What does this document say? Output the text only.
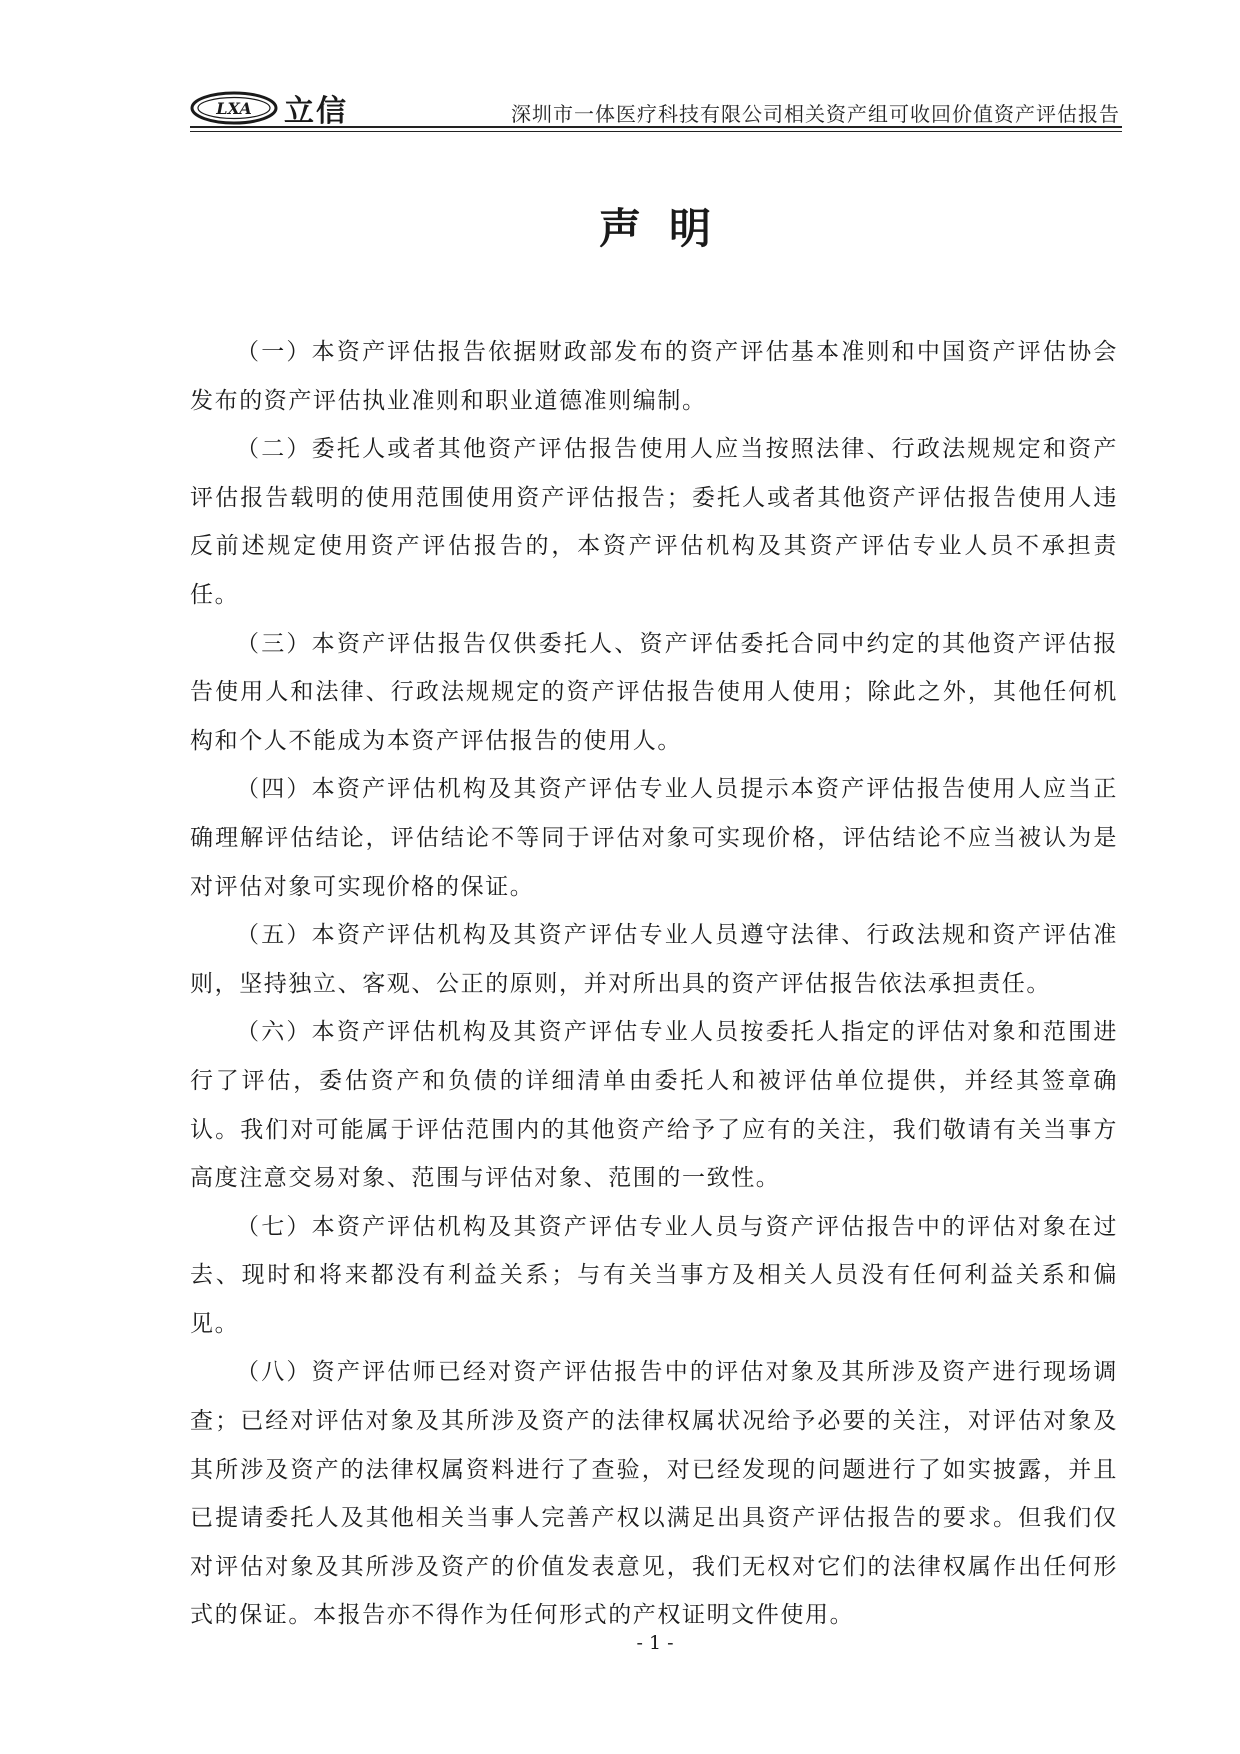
LXA 立信	深圳市一体医疗科技有限公司相关资产组可收回价值资产评估报告
声明

（一）本资产评估报告依据财政部发布的资产评估基本准则和中国资产评估协会发布的资产评估执业准则和职业道德准则编制。

（二）委托人或者其他资产评估报告使用人应当按照法律、行政法规规定和资产评估报告载明的使用范围使用资产评估报告；委托人或者其他资产评估报告使用人违反前述规定使用资产评估报告的，本资产评估机构及其资产评估专业人员不承担责任。

（三）本资产评估报告仅供委托人、资产评估委托合同中约定的其他资产评估报告使用人和法律、行政法规规定的资产评估报告使用人使用；除此之外，其他任何机构和个人不能成为本资产评估报告的使用人。

（四）本资产评估机构及其资产评估专业人员提示本资产评估报告使用人应当正确理解评估结论，评估结论不等同于评估对象可实现价格，评估结论不应当被认为是对评估对象可实现价格的保证。

（五）本资产评估机构及其资产评估专业人员遵守法律、行政法规和资产评估准则，坚持独立、客观、公正的原则，并对所出具的资产评估报告依法承担责任。

（六）本资产评估机构及其资产评估专业人员按委托人指定的评估对象和范围进行了评估，委估资产和负债的详细清单由委托人和被评估单位提供，并经其签章确认。我们对可能属于评估范围内的其他资产给予了应有的关注，我们敬请有关当事方高度注意交易对象、范围与评估对象、范围的一致性。

（七）本资产评估机构及其资产评估专业人员与资产评估报告中的评估对象在过去、现时和将来都没有利益关系；与有关当事方及相关人员没有任何利益关系和偏见。

（八）资产评估师已经对资产评估报告中的评估对象及其所涉及资产进行现场调查；已经对评估对象及其所涉及资产的法律权属状况给予必要的关注，对评估对象及其所涉及资产的法律权属资料进行了查验，对已经发现的问题进行了如实披露，并且已提请委托人及其他相关当事人完善产权以满足出具资产评估报告的要求。但我们仅对评估对象及其所涉及资产的价值发表意见，我们无权对它们的法律权属作出任何形式的保证。本报告亦不得作为任何形式的产权证明文件使用。

- 1 -
